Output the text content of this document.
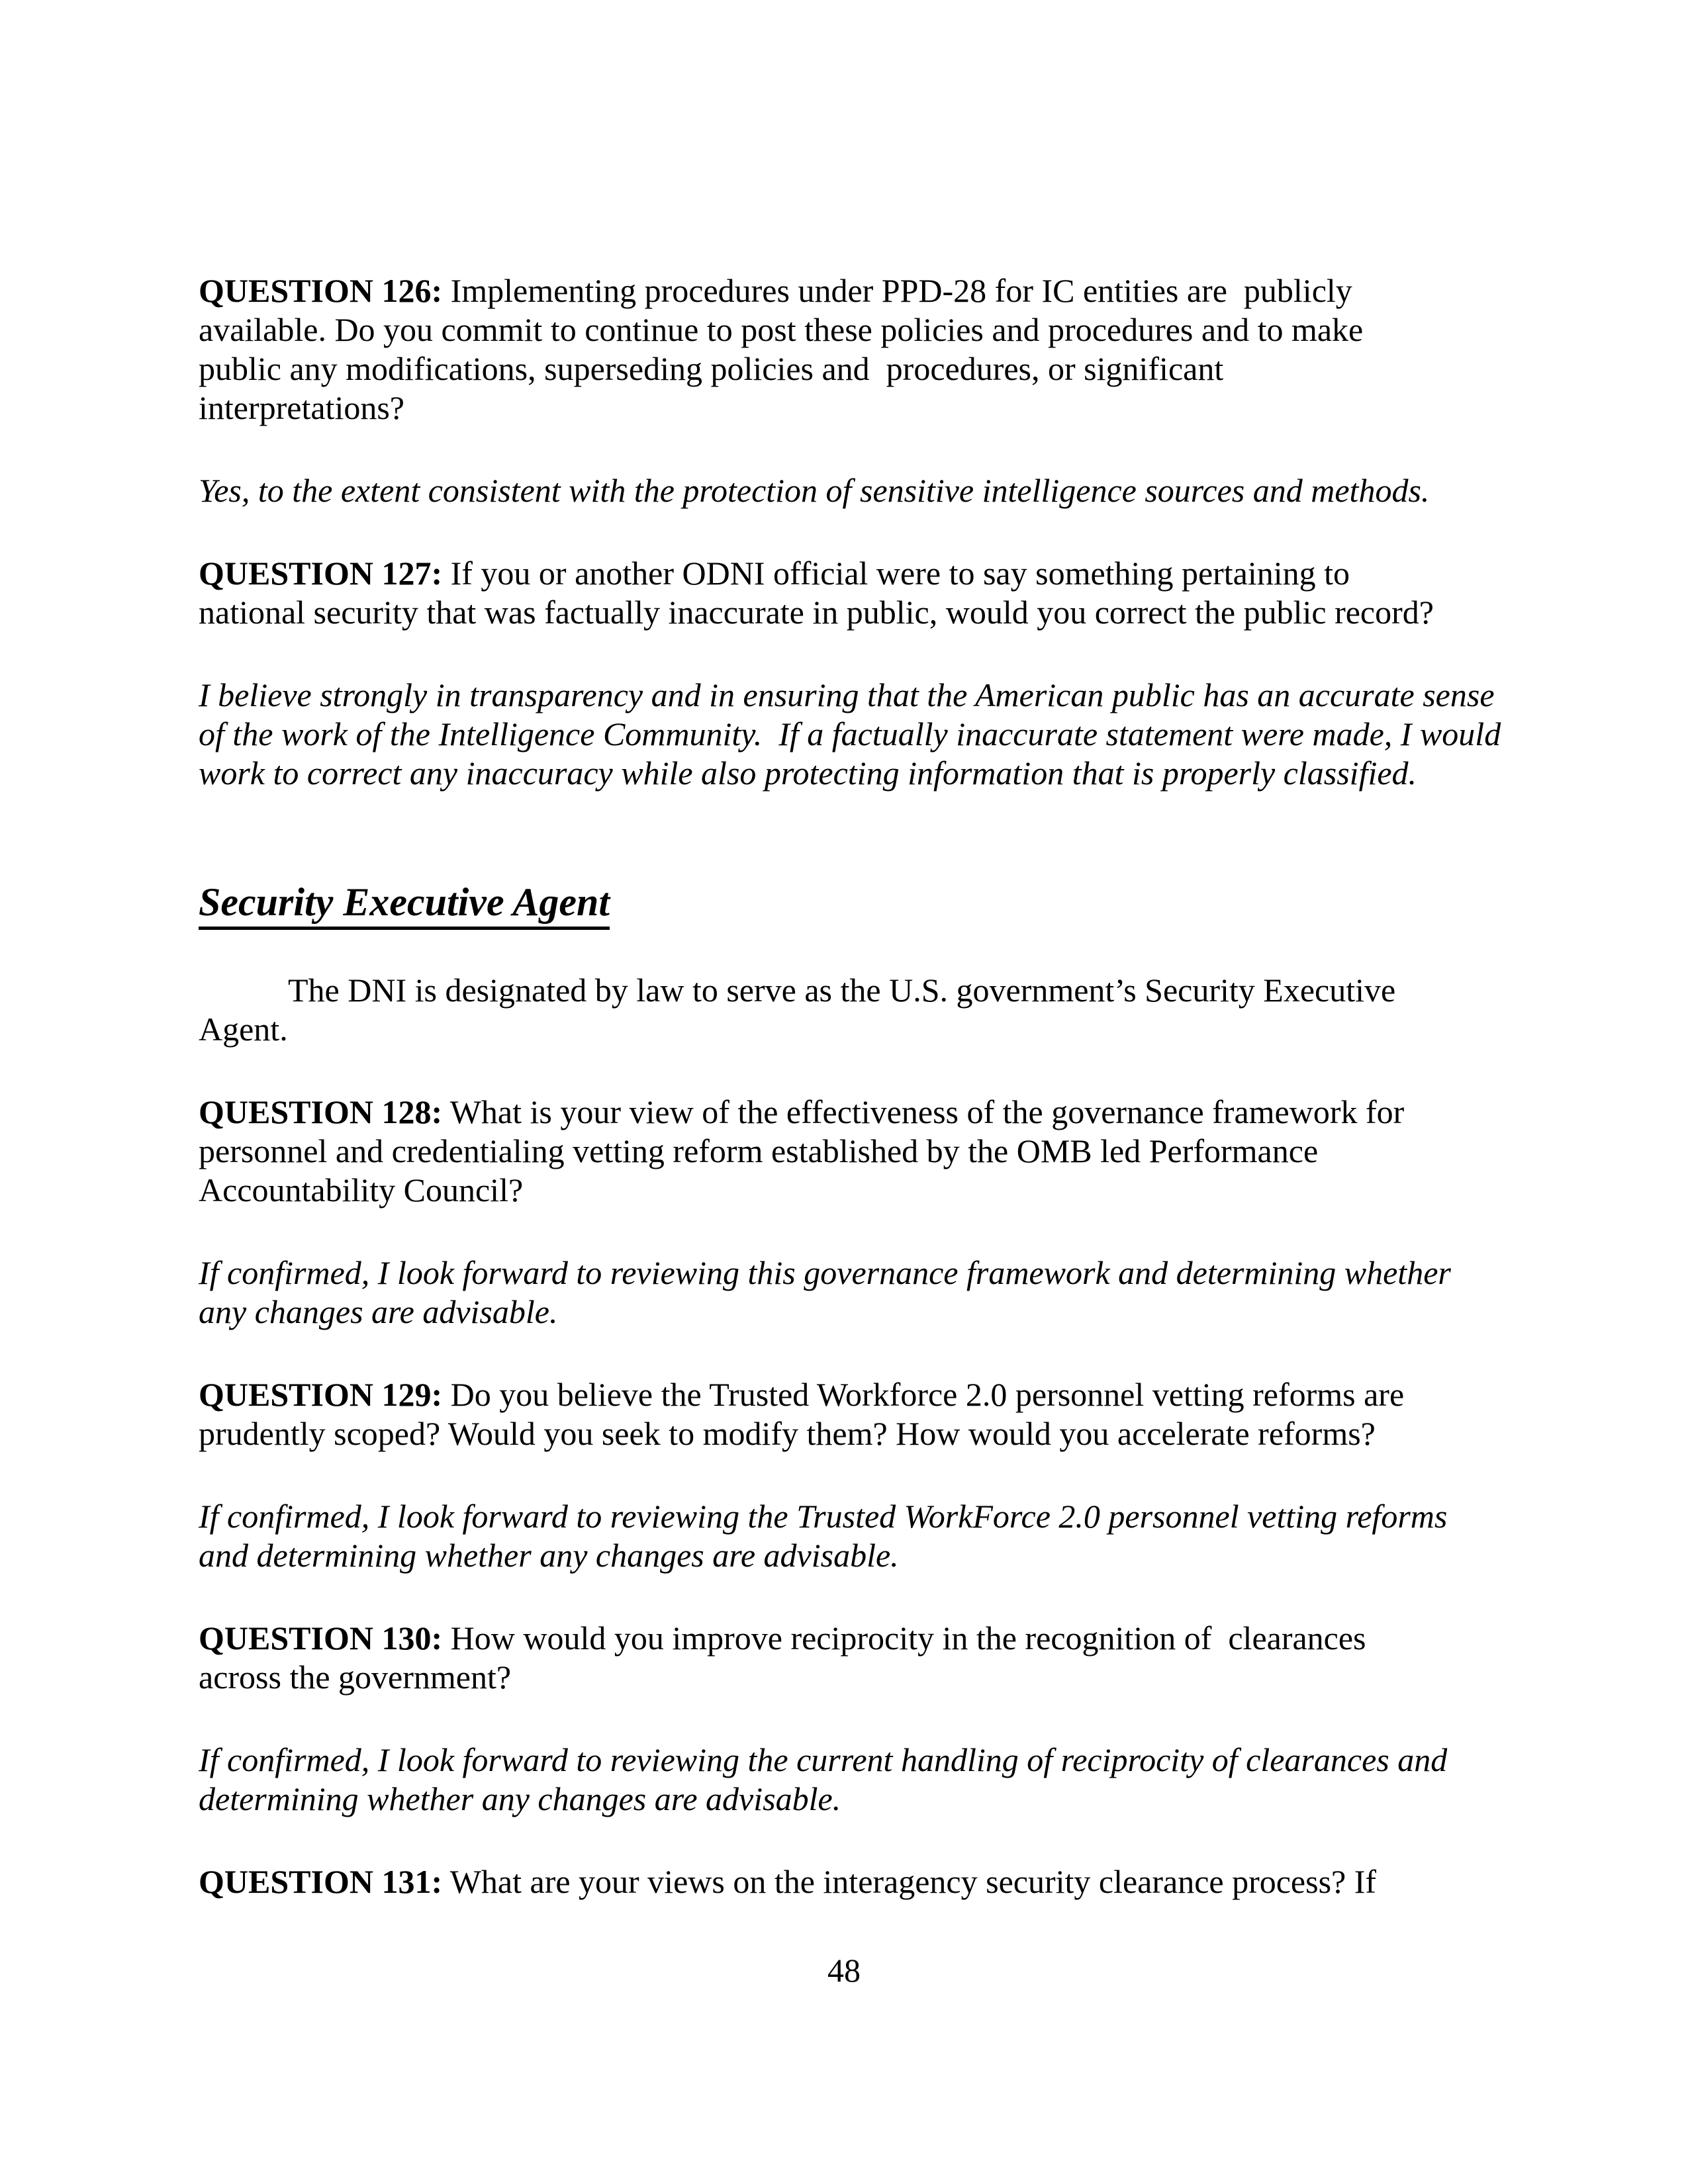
QUESTION 126: Implementing procedures under PPD-28 for IC entities are  publicly
available. Do you commit to continue to post these policies and procedures and to make
public any modifications, superseding policies and  procedures, or significant
interpretations?

Yes, to the extent consistent with the protection of sensitive intelligence sources and methods.

QUESTION 127: If you or another ODNI official were to say something pertaining to
national security that was factually inaccurate in public, would you correct the public record?

I believe strongly in transparency and in ensuring that the American public has an accurate sense
of the work of the Intelligence Community.  If a factually inaccurate statement were made, I would
work to correct any inaccuracy while also protecting information that is properly classified.

Security Executive Agent

The DNI is designated by law to serve as the U.S. government’s Security Executive
Agent.

QUESTION 128: What is your view of the effectiveness of the governance framework for
personnel and credentialing vetting reform established by the OMB led Performance
Accountability Council?

If confirmed, I look forward to reviewing this governance framework and determining whether
any changes are advisable.

QUESTION 129: Do you believe the Trusted Workforce 2.0 personnel vetting reforms are
prudently scoped? Would you seek to modify them? How would you accelerate reforms?

If confirmed, I look forward to reviewing the Trusted WorkForce 2.0 personnel vetting reforms
and determining whether any changes are advisable.

QUESTION 130: How would you improve reciprocity in the recognition of  clearances
across the government?

If confirmed, I look forward to reviewing the current handling of reciprocity of clearances and
determining whether any changes are advisable.

QUESTION 131: What are your views on the interagency security clearance process? If

48
